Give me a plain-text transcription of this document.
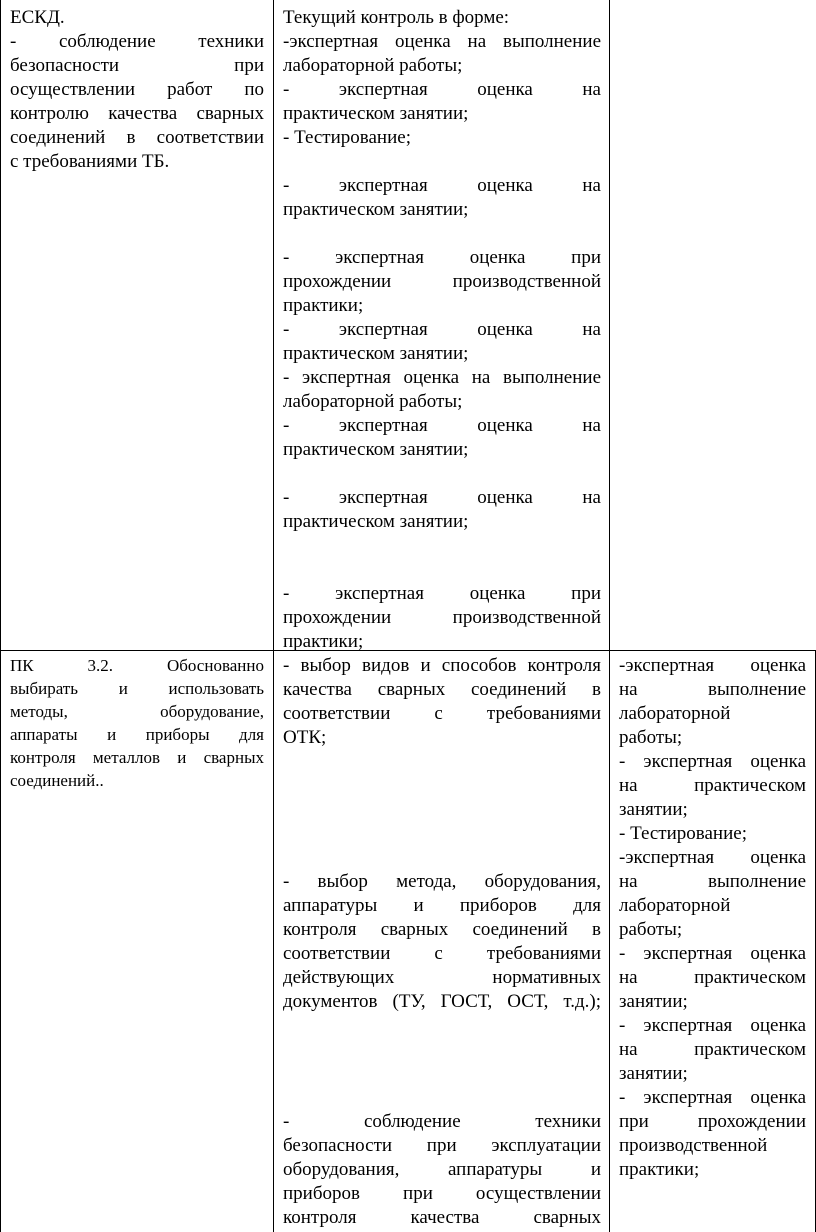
ЕСКД.
- соблюдение техники
безопасности при
осуществлении работ по
контролю качества сварных
соединений в соответствии
с требованиями ТБ.
Текущий контроль в форме:
-экспертная оценка на выполнение
лабораторной работы;
- экспертная оценка на
практическом занятии;
- Тестирование;
- экспертная оценка на
практическом занятии;
- экспертная оценка при
прохождении производственной
практики;
- экспертная оценка на
практическом занятии;
- экспертная оценка на выполнение
лабораторной работы;
- экспертная оценка на
практическом занятии;
- экспертная оценка на
практическом занятии;
- экспертная оценка при
прохождении производственной
практики;
ПК 3.2. Обоснованно
выбирать и использовать
методы, оборудование,
аппараты и приборы для
контроля металлов и сварных
соединений..
- выбор видов и способов контроля
качества сварных соединений в
соответствии с требованиями
ОТК;
- выбор метода, оборудования,
аппаратуры и приборов для
контроля сварных соединений в
соответствии с требованиями
действующих нормативных
документов (ТУ, ГОСТ, ОСТ, т.д.);
- соблюдение техники
безопасности при эксплуатации
оборудования, аппаратуры и
приборов при осуществлении
контроля качества сварных
-экспертная оценка
на выполнение
лабораторной
работы;
- экспертная оценка
на практическом
занятии;
- Тестирование;
-экспертная оценка
на выполнение
лабораторной
работы;
- экспертная оценка
на практическом
занятии;
- экспертная оценка
на практическом
занятии;
- экспертная оценка
при прохождении
производственной
практики;
